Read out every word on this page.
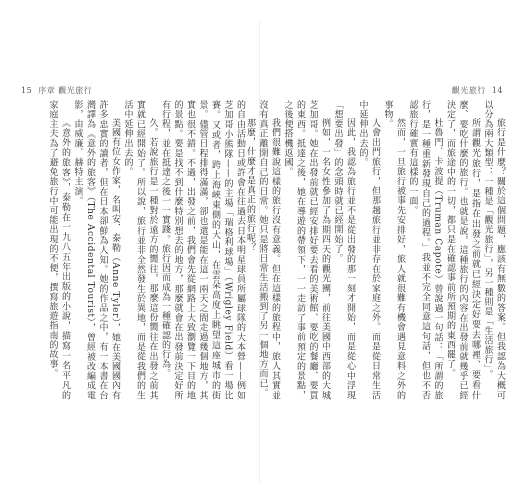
15 序章 觀光旅行

的自由活動日或許會在往過去日本明星球員所屬球隊的大本營——例如芝加哥小熊隊——的主場「瑞格利球場」（Wrigley Field）看一場比賽。又或者，跨上海峽東側的大山，在雲朵高度上眺望這座城市的街景。儘管日程排得滿滿，卻也還是能在這一兩天之間走過幾個地方，其實也很不錯。不過，出發之前，我們會先從網路上大致瀏覽一下目的地的景點。要是找不到什麼特別想去的地方，那麼就會在出發前決定好所有行程，並在抵達之後一一實踐。旅行因而成為一種確認的行為。

久。若說旅行是一種對於遠方的嚮往，那麼這份嚮往在出發之前其實就已經開始了。所以說，旅行並非全然發生於異地，而是從我們的生活中延伸出去的。

美國有位女作家，名叫安．泰勒（Anne Tyler），她在美國國內有許多忠實的讀者，但在日本卻鮮為人知。她的作品之中，有一本書在台灣譯為《意外的旅客》（The Accidental Tourist），曾經被改編成電影，由威廉．赫特主演。

《意外的旅客》，泰勒在一九八五年出版的小說，描寫一名平凡的家庭主夫為了避免旅行中可能出現的不便，撰寫旅遊指南的故事。

觀光旅行 14

旅行是什麼？關於這個問題，應該有無數的答案。但我認為大概可以分為兩大類型：一種是「觀光旅行」，另一種則是「生活旅行」。

所謂觀光旅行，是指在出發之前就已經決定好要去哪裡、要看什麼、要吃什麼的旅行。也就是說，這種旅行的內容在出發前就幾乎已經決定了，而旅途中的一切，都只是在確認事前所預期的東西罷了。

杜魯門．卡波提（Truman Capote）曾說過一句話：「所謂的旅行，是一種重新發現自己的過程。」我並不完全同意這句話，但也不否認旅行確實有這樣的一面。

然而，一旦旅行被事先安排好，旅人就很難有機會遇見意料之外的事物。

人會出門旅行，但那趟旅行並非存在於家庭之外。而是從日常生活中延伸出去的。

因此，我認為旅行並不是從出發的那一刻才開始，而是從心中浮現「想要出發」的念頭時就已經開始了。

例如，一名女性參加了為期四天的觀光團，前往美國中西部的大城芝加哥。她在出發前就已經安排好要去看的美術館、要吃的餐廳、要買的東西。抵達之後，她在導遊的帶領下，一一走訪了事前預定的景點，之後便搭機返國。

我們很難說這樣的旅行沒有意義。但在這樣的旅程中，旅人其實並沒有真正離開自己的日常。她只是將日常生活搬到了另一個地方而已。

那麼，什麼才是真正的旅行呢？
